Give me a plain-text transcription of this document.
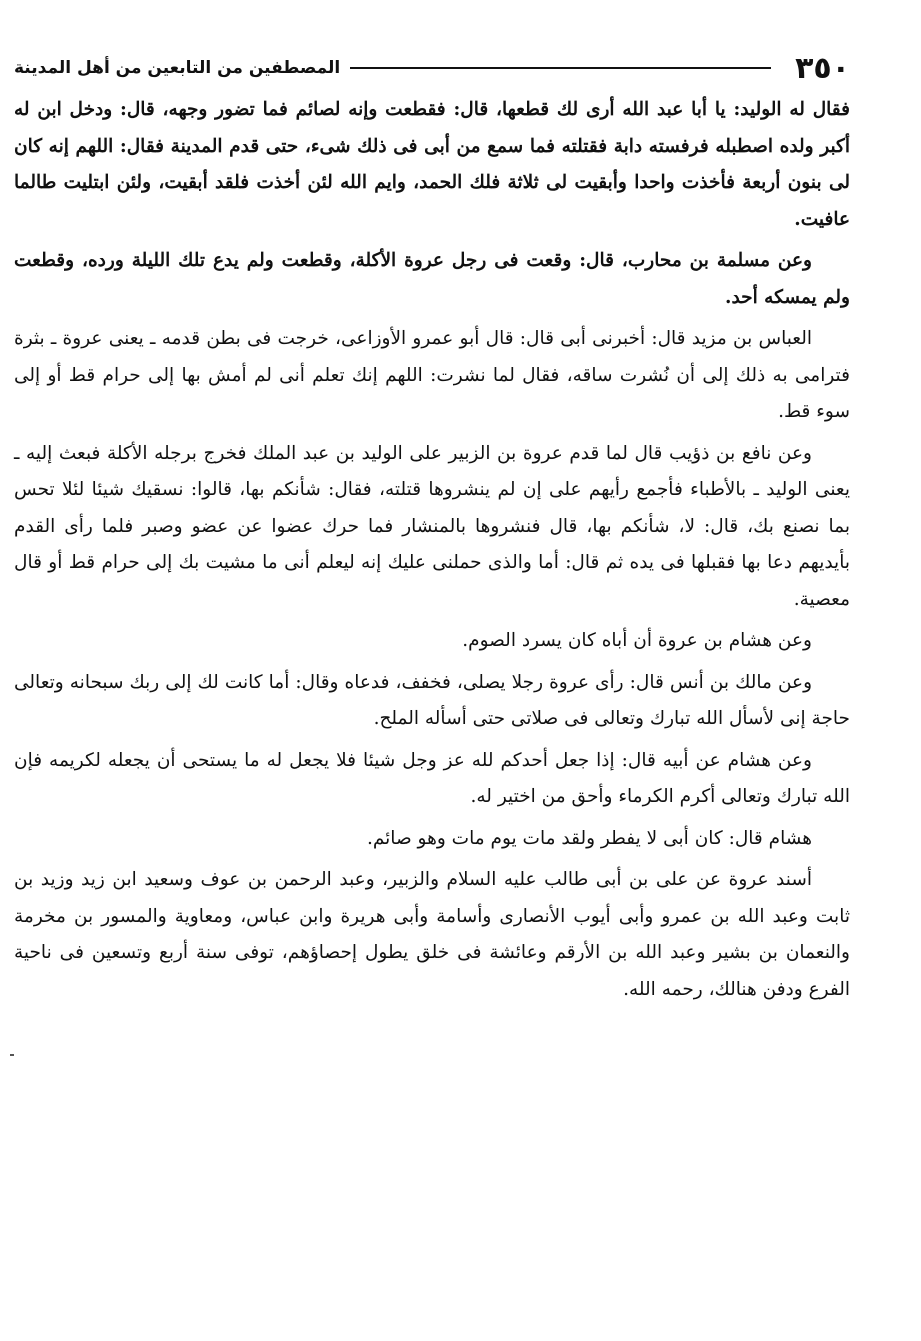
٣٥٠
المصطفين من التابعين من أهل المدينة

فقال له الوليد: يا أبا عبد الله أرى لك قطعها، قال: فقطعت وإنه لصائم فما تضور وجهه، قال: ودخل ابن له أكبر ولده اصطبله فرفسته دابة فقتلته فما سمع من أبى فى ذلك شىء، حتى قدم المدينة فقال: اللهم إنه كان لى بنون أربعة فأخذت واحدا وأبقيت لى ثلاثة فلك الحمد، وايم الله لئن أخذت فلقد أبقيت، ولئن ابتليت طالما عافيت.

وعن مسلمة بن محارب، قال: وقعت فى رجل عروة الأكلة، وقطعت ولم يدع تلك الليلة ورده، وقطعت ولم يمسكه أحد.

العباس بن مزيد قال: أخبرنى أبى قال: قال أبو عمرو الأوزاعى، خرجت فى بطن قدمه ـ يعنى عروة ـ بثرة فترامى به ذلك إلى أن نُشرت ساقه، فقال لما نشرت: اللهم إنك تعلم أنى لم أمش بها إلى حرام قط أو إلى سوء قط.

وعن نافع بن ذؤيب قال لما قدم عروة بن الزبير على الوليد بن عبد الملك فخرج برجله الأكلة فبعث إليه ـ يعنى الوليد ـ بالأطباء فأجمع رأيهم على إن لم ينشروها قتلته، فقال: شأنكم بها، قالوا: نسقيك شيئا لئلا تحس بما نصنع بك، قال: لا، شأنكم بها، قال فنشروها بالمنشار فما حرك عضوا عن عضو وصبر فلما رأى القدم بأيديهم دعا بها فقبلها فى يده ثم قال: أما والذى حملنى عليك إنه ليعلم أنى ما مشيت بك إلى حرام قط أو قال معصية.

وعن هشام بن عروة أن أباه كان يسرد الصوم.

وعن مالك بن أنس قال: رأى عروة رجلا يصلى، فخفف، فدعاه وقال: أما كانت لك إلى ربك سبحانه وتعالى حاجة إنى لأسأل الله تبارك وتعالى فى صلاتى حتى أسأله الملح.

وعن هشام عن أبيه قال: إذا جعل أحدكم لله عز وجل شيئا فلا يجعل له ما يستحى أن يجعله لكريمه فإن الله تبارك وتعالى أكرم الكرماء وأحق من اختير له.

هشام قال: كان أبى لا يفطر ولقد مات يوم مات وهو صائم.

أسند عروة عن على بن أبى طالب عليه السلام والزبير، وعبد الرحمن بن عوف وسعيد ابن زيد وزيد بن ثابت وعبد الله بن عمرو وأبى أيوب الأنصارى وأسامة وأبى هريرة وابن عباس، ومعاوية والمسور بن مخرمة والنعمان بن بشير وعبد الله بن الأرقم وعائشة فى خلق يطول إحصاؤهم، توفى سنة أربع وتسعين فى ناحية الفرع ودفن هنالك، رحمه الله.
